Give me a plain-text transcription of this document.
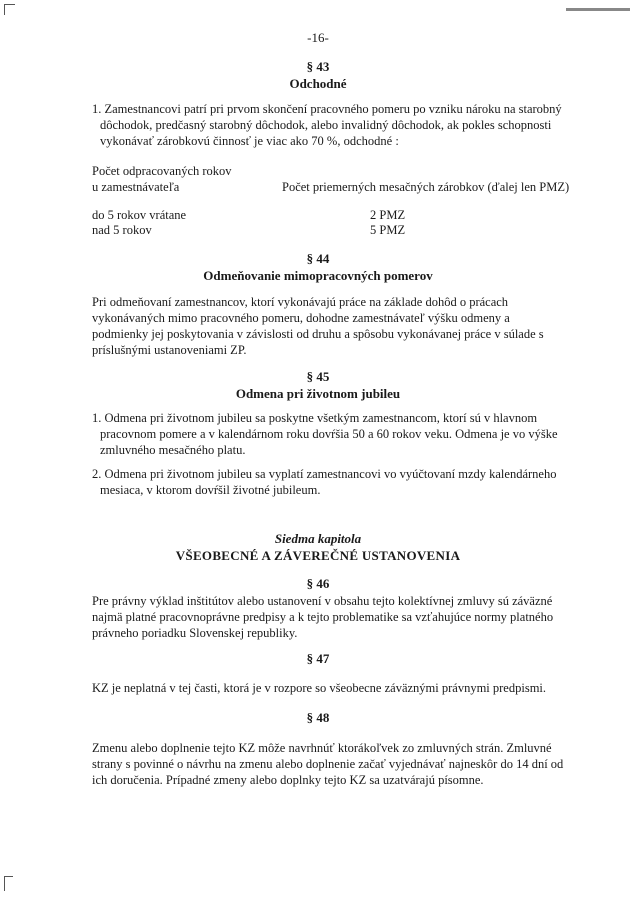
-16-
§ 43
Odchodné
1. Zamestnancovi patrí pri prvom skončení pracovného pomeru po vzniku nároku na starobný
dôchodok, predčasný starobný dôchodok, alebo invalidný dôchodok, ak pokles schopnosti
vykonávať zárobkovú činnosť je viac ako 70 %, odchodné :
Počet odpracovaných rokov
u zamestnávateľa	Počet priemerných mesačných zárobkov (ďalej len PMZ)
do 5 rokov vrátane	2 PMZ
nad 5 rokov	5 PMZ
§ 44
Odmeňovanie mimopracovných pomerov
Pri odmeňovaní zamestnancov, ktorí vykonávajú práce na základe dohôd o prácach
vykonávaných mimo pracovného pomeru, dohodne zamestnávateľ výšku odmeny a
podmienky jej poskytovania v závislosti od druhu a spôsobu vykonávanej práce v súlade s
príslušnými ustanoveniami ZP.
§ 45
Odmena pri životnom jubileu
1. Odmena pri životnom jubileu sa poskytne všetkým zamestnancom, ktorí sú v hlavnom
pracovnom pomere a v kalendárnom roku dovŕšia 50 a 60 rokov veku. Odmena je vo výške
zmluvného mesačného platu.
2. Odmena pri životnom jubileu sa vyplatí zamestnancovi vo vyúčtovaní mzdy kalendárneho
mesiaca, v ktorom dovŕšil životné jubileum.
Siedma kapitola
VŠEOBECNÉ A ZÁVEREČNÉ USTANOVENIA
§ 46
Pre právny výklad inštitútov alebo ustanovení v obsahu tejto kolektívnej zmluvy sú záväzné
najmä platné pracovnoprávne predpisy a k tejto problematike sa vzťahujúce normy platného
právneho poriadku Slovenskej republiky.
§ 47
KZ je neplatná v tej časti, ktorá je v rozpore so všeobecne záväznými právnymi predpismi.
§ 48
Zmenu alebo doplnenie tejto KZ môže navrhnúť ktorákoľvek zo zmluvných strán. Zmluvné
strany s povinné o návrhu na zmenu alebo doplnenie začať vyjednávať najneskôr do 14 dní od
ich doručenia. Prípadné zmeny alebo doplnky tejto KZ sa uzatvárajú písomne.
